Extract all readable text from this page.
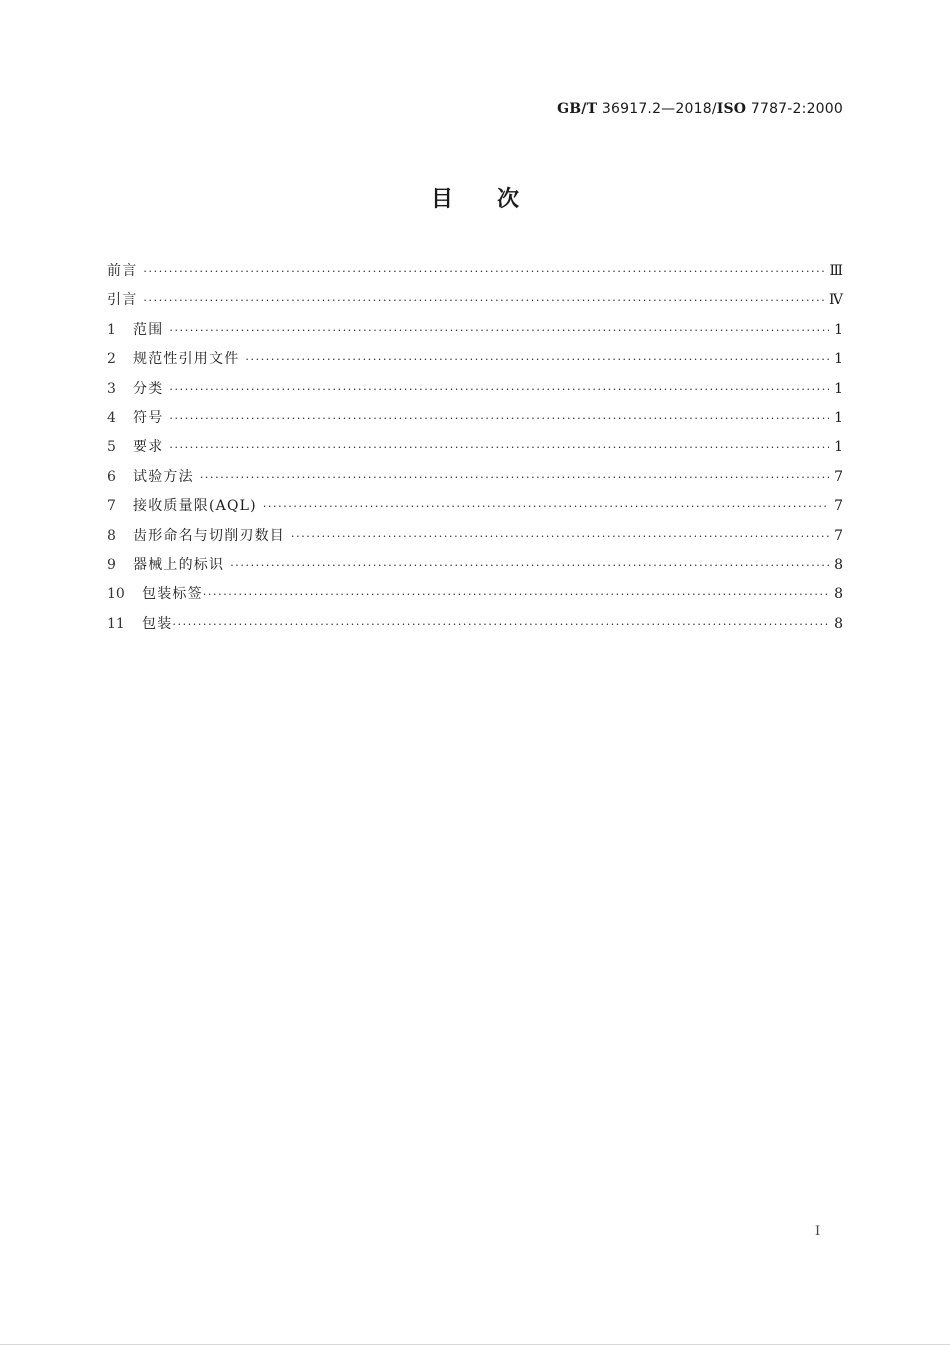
GB/T 36917.2—2018/ISO 7787-2:2000
目次
前言 ·····	Ⅲ
引言 ·····	Ⅳ
1	范围 ·····	1
2	规范性引用文件 ·····	1
3	分类 ·····	1
4	符号 ·····	1
5	要求 ·····	1
6	试验方法 ·····	7
7	接收质量限(AQL) ·····	7
8	齿形命名与切削刃数目 ·····	7
9	器械上的标识 ·····	8
10	包装标签 ·····	8
11	包装 ·····	8
I
